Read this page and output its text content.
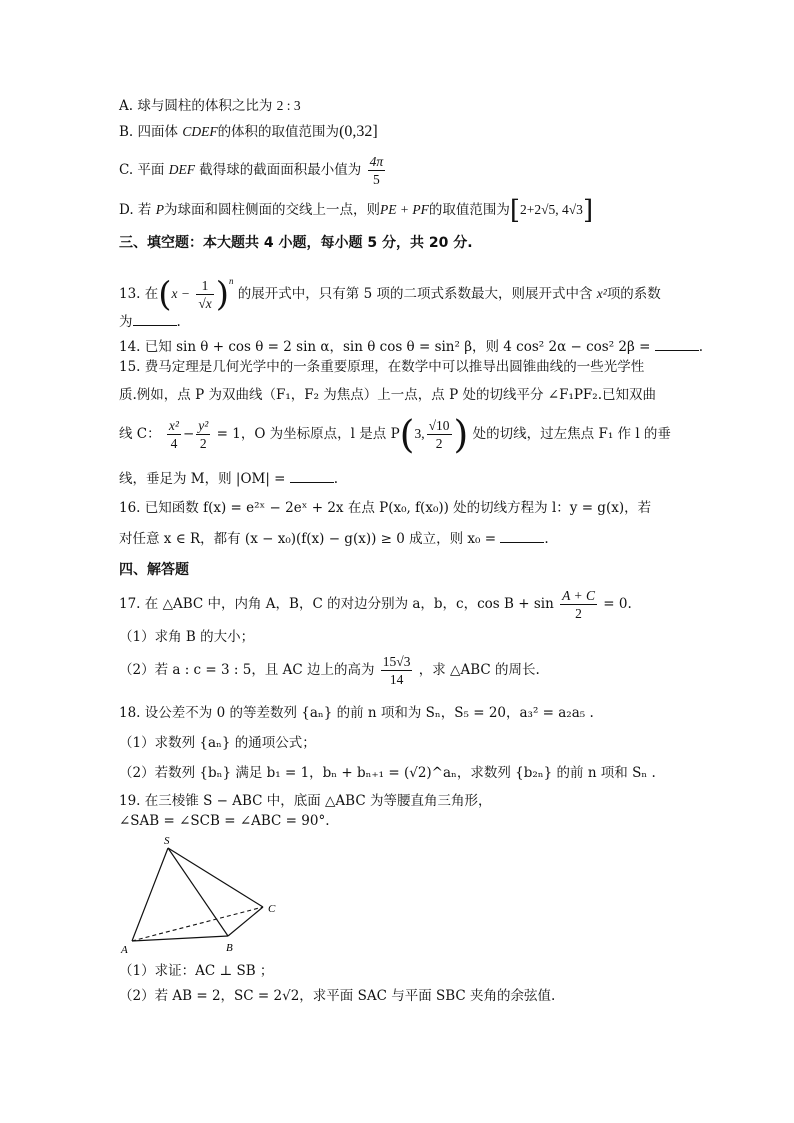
A. 球与圆柱的体积之比为 2 : 3
B. 四面体 CDEF的体积的取值范围为(0,32]
C. 平面 DEF 截得球的截面面积最小值为 $\frac{4\pi}{5}$
D. 若 P为球面和圆柱侧面的交线上一点，则PE + PF的取值范围为[2+2√5, 4√3]
三、填空题：本大题共 4 小题，每小题 5 分，共 20 分.
13. 在$(x - \frac{1}{√x} )^n$ 的展开式中，只有第 5 项的二项式系数最大，则展开式中含 x²项的系数
为	.
14. 已知 sin θ + cos θ = 2 sin α，sin θ cos θ = sin² β，则 4 cos² 2α − cos² 2β =	.
15. 费马定理是几何光学中的一条重要原理，在数学中可以推导出圆锥曲线的一些光学性
质.例如，点 P 为双曲线（F₁，F₂ 为焦点）上一点，点 P 处的切线平分 ∠F₁PF₂.已知双曲
线 C： $\frac{\text{x²}}{4} - \frac{\text{y²}}{2} = 1$，O 为坐标原点，l 是点 P(3, $\frac{√10}{2}$ ) 处的切线，过左焦点 F₁ 作 l 的垂
线，垂足为 M，则 |OM| =	.
16. 已知函数 f(x) = e²ˣ − 2eˣ + 2x 在点 P(x₀, f(x₀)) 处的切线方程为 l：y = g(x)，若
对任意 x ∈ R，都有 (x − x₀)(f(x) − g(x)) ≥ 0 成立，则 x₀ =	.
四、解答题
17. 在 △ABC 中，内角 A，B，C 的对边分别为 a，b，c，$\cos B + \sin \frac{A + C}{2} = 0$.
（1）求角 B 的大小；
（2）若 a : c = 3 : 5，且 AC 边上的高为 $\frac{15√3}{14}$ ，求 △ABC 的周长.
18. 设公差不为 0 的等差数列 {aₙ} 的前 n 项和为 Sₙ，S₅ = 20，a₃² = a₂a₅ .
（1）求数列 {aₙ} 的通项公式；
（2）若数列 {bₙ} 满足 b₁ = 1，bₙ + bₙ₊₁ = (√2)^aₙ，求数列 {b₂ₙ} 的前 n 项和 Sₙ .
19. 在三棱锥 S − ABC 中，底面 △ABC 为等腰直角三角形，
∠SAB = ∠SCB = ∠ABC = 90°.
S
A	B
C
（1）求证：AC ⊥ SB ；
（2）若 AB = 2，SC = 2√2，求平面 SAC 与平面 SBC 夹角的余弦值.
